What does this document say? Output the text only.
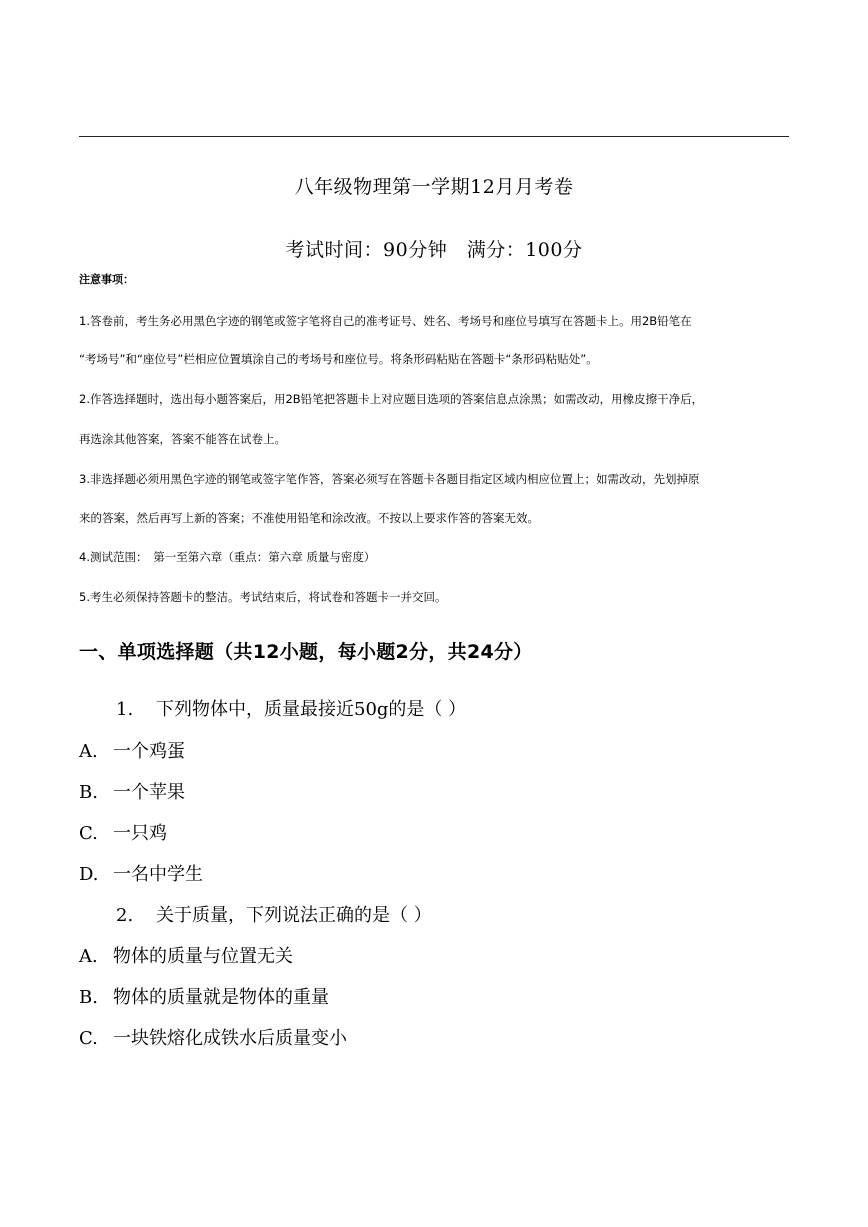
八年级物理第一学期12月月考卷
考试时间：90分钟　满分：100分
注意事项：
1.答卷前，考生务必用黑色字迹的钢笔或签字笔将自己的准考证号、姓名、考场号和座位号填写在答题卡上。用2B铅笔在
“考场号”和“座位号”栏相应位置填涂自己的考场号和座位号。将条形码粘贴在答题卡“条形码粘贴处”。
2.作答选择题时，选出每小题答案后，用2B铅笔把答题卡上对应题目选项的答案信息点涂黑；如需改动，用橡皮擦干净后，
再选涂其他答案，答案不能答在试卷上。
3.非选择题必须用黑色字迹的钢笔或签字笔作答，答案必须写在答题卡各题目指定区域内相应位置上；如需改动，先划掉原
来的答案，然后再写上新的答案；不准使用铅笔和涂改液。不按以上要求作答的答案无效。
4.测试范围：　第一至第六章（重点：第六章 质量与密度）
5.考生必须保持答题卡的整洁。考试结束后，将试卷和答题卡一并交回。
一、单项选择题（共12小题，每小题2分，共24分）
1. 下列物体中，质量最接近50g的是（ ）
A. 一个鸡蛋
B. 一个苹果
C. 一只鸡
D. 一名中学生
2. 关于质量，下列说法正确的是（ ）
A. 物体的质量与位置无关
B. 物体的质量就是物体的重量
C. 一块铁熔化成铁水后质量变小
